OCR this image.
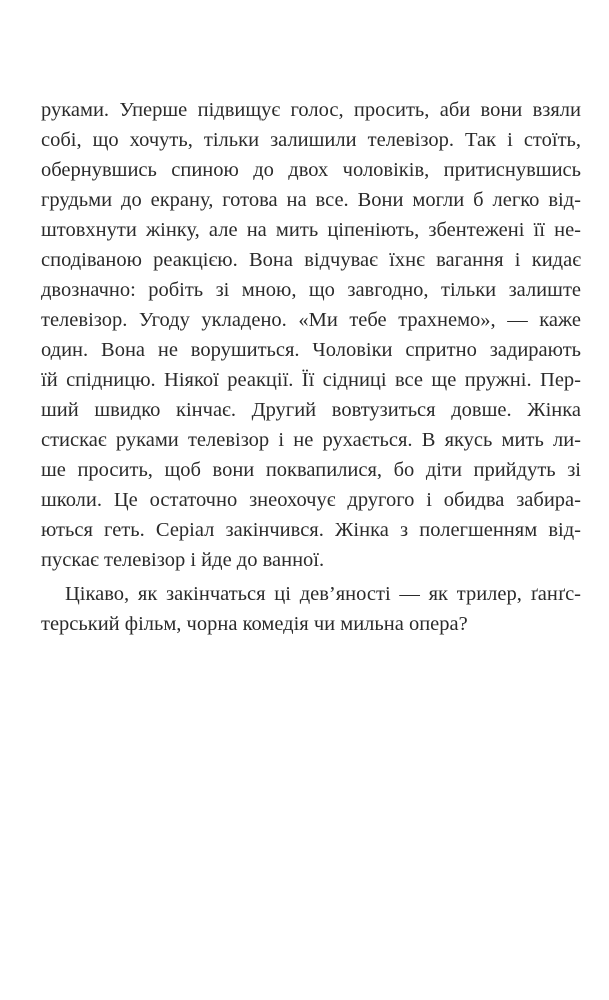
руками. Уперше підвищує голос, просить, аби вони взяли
собі, що хочуть, тільки залишили телевізор. Так і стоїть,
обернувшись спиною до двох чоловіків, притиснувшись
грудьми до екрану, готова на все. Вони могли б легко від-
штовхнути жінку, але на мить ціпеніють, збентежені її не-
сподіваною реакцією. Вона відчуває їхнє вагання і кидає
двозначно: робіть зі мною, що завгодно, тільки залиште
телевізор. Угоду укладено. «Ми тебе трахнемо», — каже
один. Вона не ворушиться. Чоловіки спритно задирають
їй спідницю. Ніякої реакції. Її сідниці все ще пружні. Пер-
ший швидко кінчає. Другий вовтузиться довше. Жінка
стискає руками телевізор і не рухається. В якусь мить ли-
ше просить, щоб вони поквапилися, бо діти прийдуть зі
школи. Це остаточно знеохочує другого і обидва забира-
ються геть. Серіал закінчився. Жінка з полегшенням від-
пускає телевізор і йде до ванної.
Цікаво, як закінчаться ці дев’яності — як трилер, ґанґс-
терський фільм, чорна комедія чи мильна опера?
